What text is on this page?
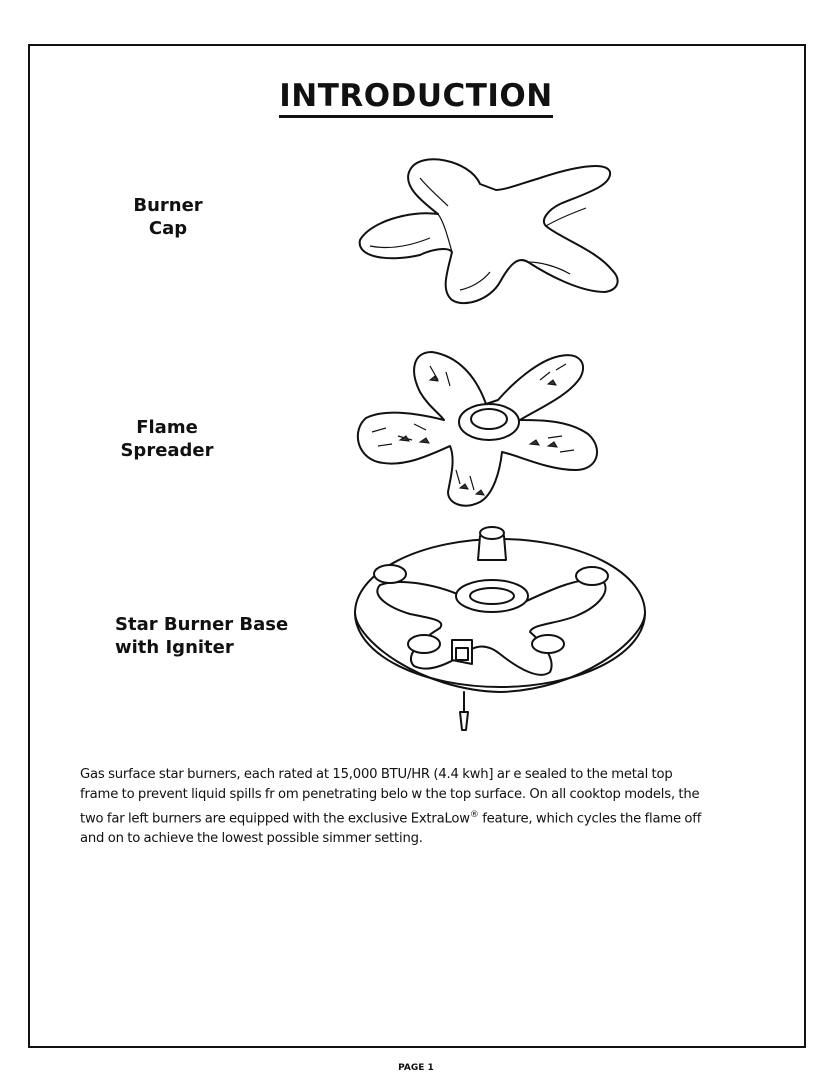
INTRODUCTION
Burner
Cap
Flame
Spreader
Star Burner Base
with Igniter

Gas surface star burners, each rated at 15,000 BTU/HR (4.4 kwh] ar e sealed to the metal top
frame to prevent liquid spills fr om penetrating belo w the top surface. On all cooktop models, the
two far left burners are equipped with the exclusive ExtraLow® feature, which cycles the flame off
and on to achieve the lowest possible simmer setting.

PAGE 1
